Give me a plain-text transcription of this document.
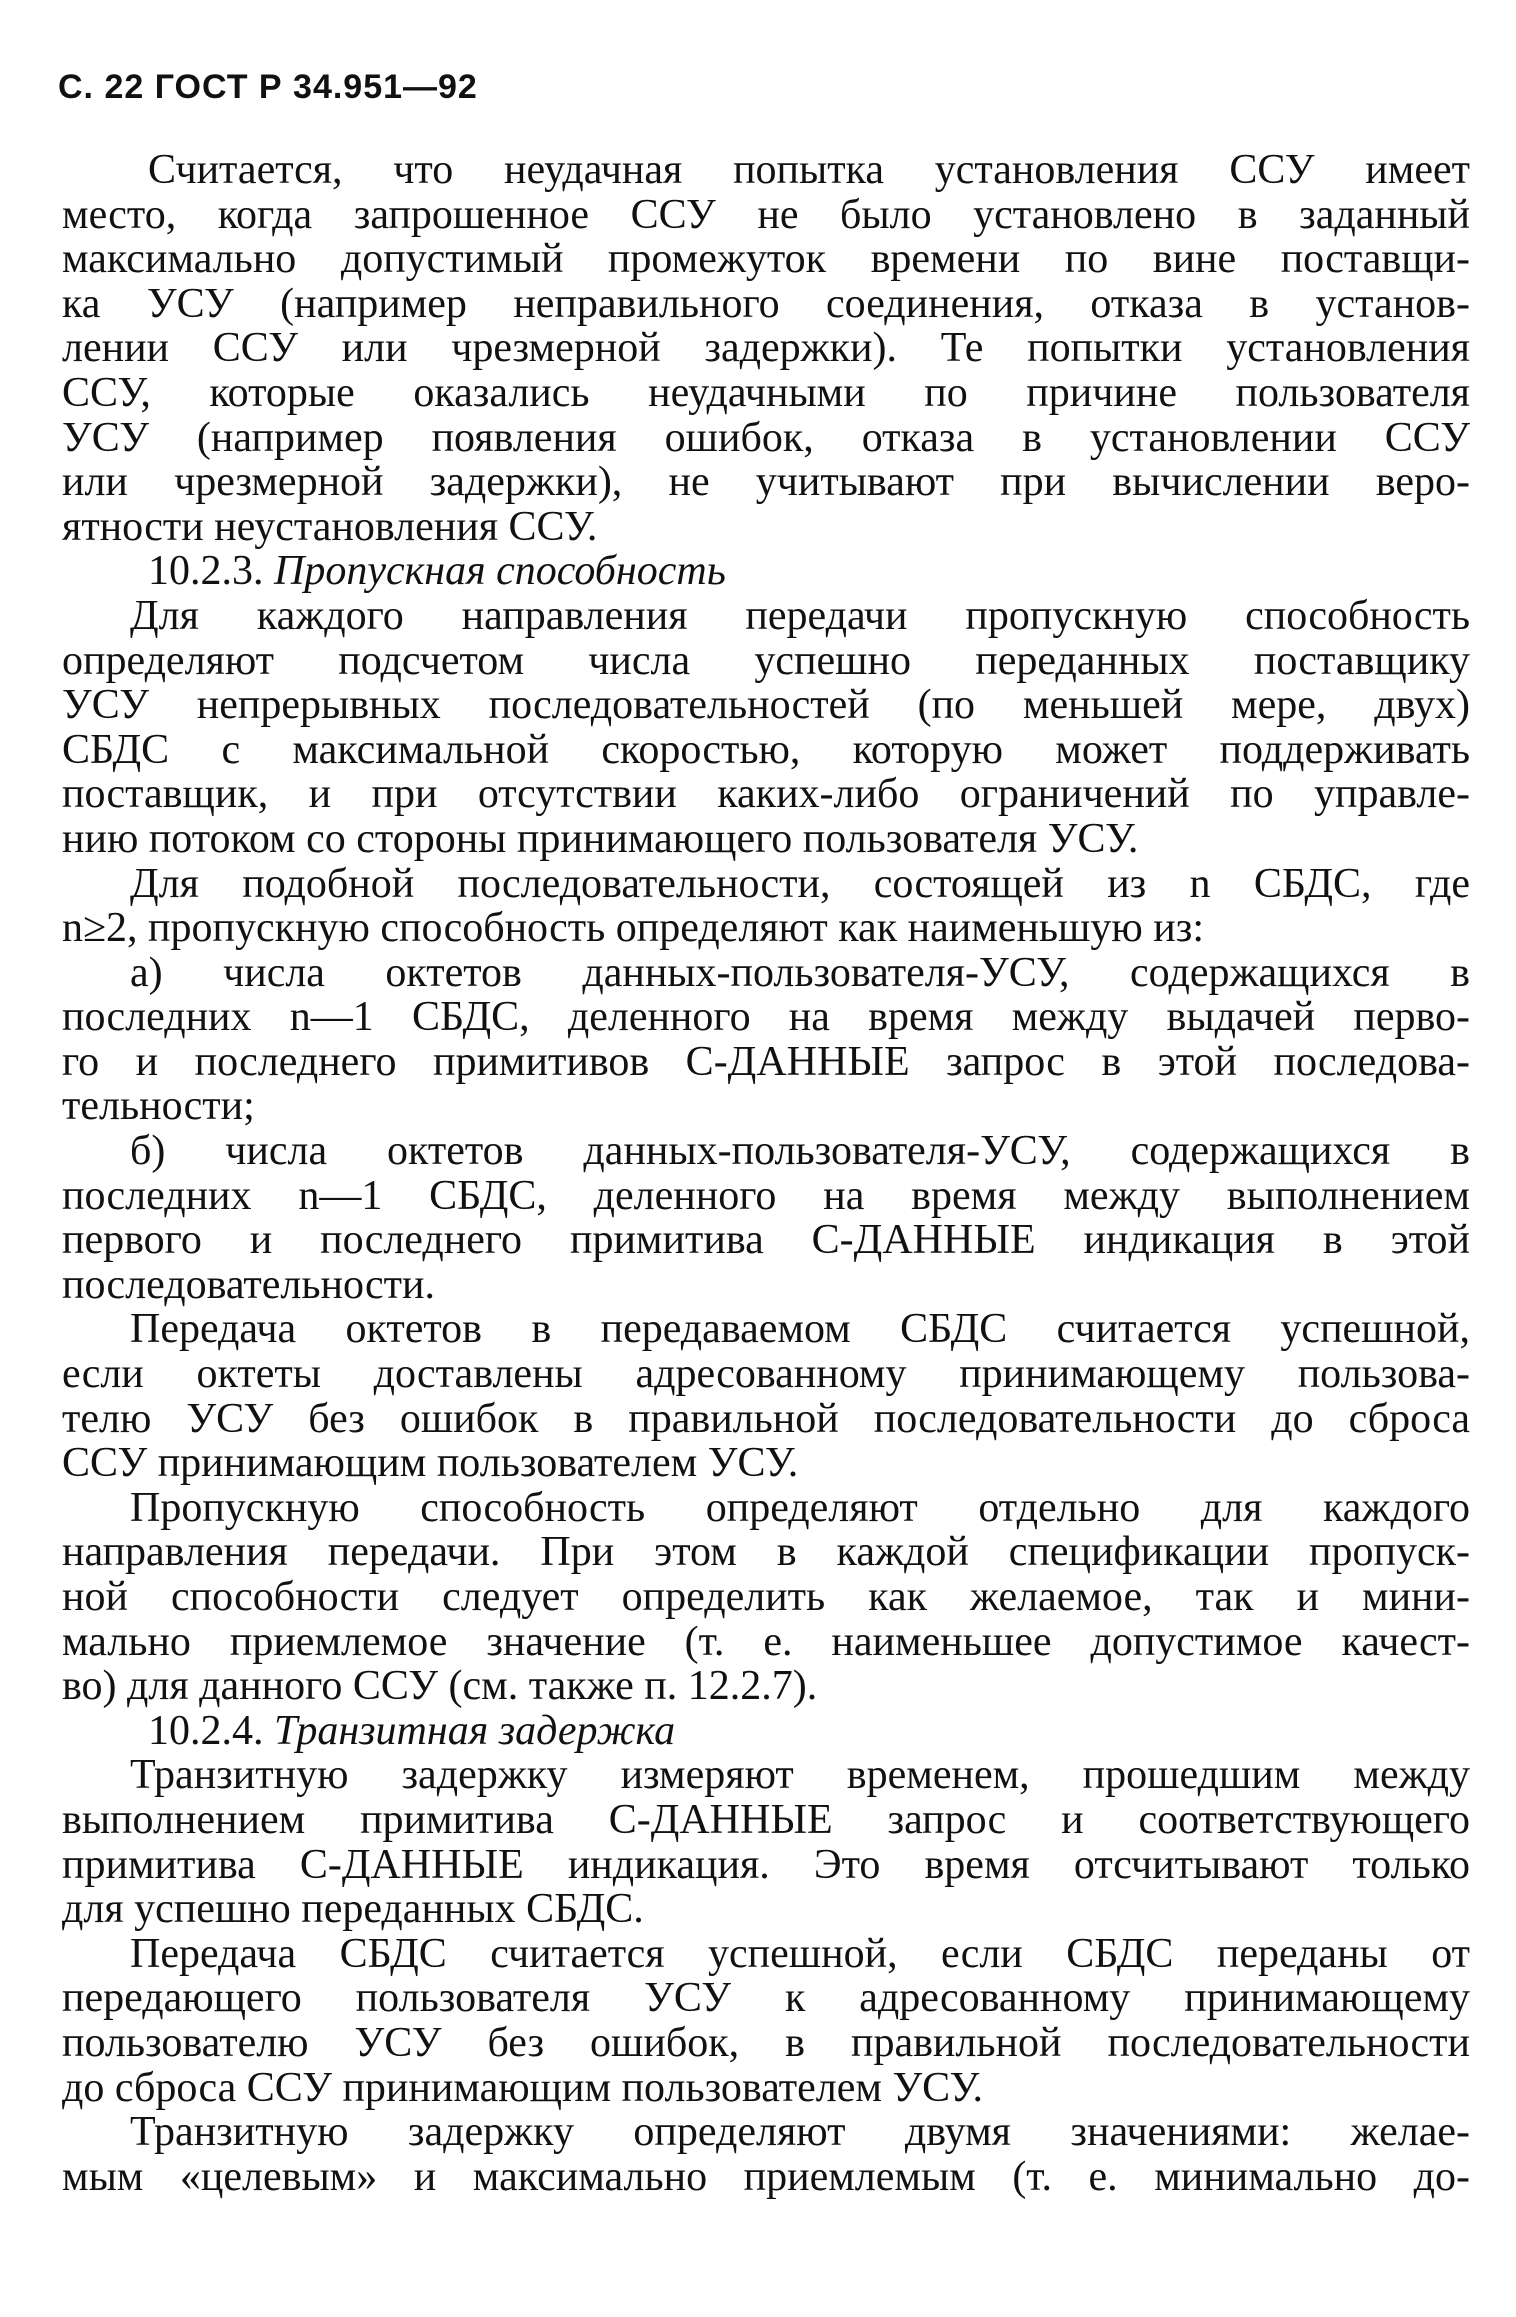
С. 22 ГОСТ Р 34.951—92
Считается, что неудачная попытка установления ССУ имеет
место, когда запрошенное ССУ не было установлено в заданный
максимально допустимый промежуток времени по вине поставщи-
ка УСУ (например неправильного соединения, отказа в установ-
лении ССУ или чрезмерной задержки). Те попытки установления
ССУ, которые оказались неудачными по причине пользователя
УСУ (например появления ошибок, отказа в установлении ССУ
или чрезмерной задержки), не учитывают при вычислении веро-
ятности неустановления ССУ.
10.2.3. Пропускная способность
Для каждого направления передачи пропускную способность
определяют подсчетом числа успешно переданных поставщику
УСУ непрерывных последовательностей (по меньшей мере, двух)
СБДС с максимальной скоростью, которую может поддерживать
поставщик, и при отсутствии каких-либо ограничений по управле-
нию потоком со стороны принимающего пользователя УСУ.
Для подобной последовательности, состоящей из n СБДС, где
n≥2, пропускную способность определяют как наименьшую из:
а) числа октетов данных-пользователя-УСУ, содержащихся в
последних n—1 СБДС, деленного на время между выдачей перво-
го и последнего примитивов С-ДАННЫЕ запрос в этой последова-
тельности;
б) числа октетов данных-пользователя-УСУ, содержащихся в
последних n—1 СБДС, деленного на время между выполнением
первого и последнего примитива С-ДАННЫЕ индикация в этой
последовательности.
Передача октетов в передаваемом СБДС считается успешной,
если октеты доставлены адресованному принимающему пользова-
телю УСУ без ошибок в правильной последовательности до сброса
ССУ принимающим пользователем УСУ.
Пропускную способность определяют отдельно для каждого
направления передачи. При этом в каждой спецификации пропуск-
ной способности следует определить как желаемое, так и мини-
мально приемлемое значение (т. е. наименьшее допустимое качест-
во) для данного ССУ (см. также п. 12.2.7).
10.2.4. Транзитная задержка
Транзитную задержку измеряют временем, прошедшим между
выполнением примитива С-ДАННЫЕ запрос и соответствующего
примитива С-ДАННЫЕ индикация. Это время отсчитывают только
для успешно переданных СБДС.
Передача СБДС считается успешной, если СБДС переданы от
передающего пользователя УСУ к адресованному принимающему
пользователю УСУ без ошибок, в правильной последовательности
до сброса ССУ принимающим пользователем УСУ.
Транзитную задержку определяют двумя значениями: желае-
мым «целевым» и максимально приемлемым (т. е. минимально до-
